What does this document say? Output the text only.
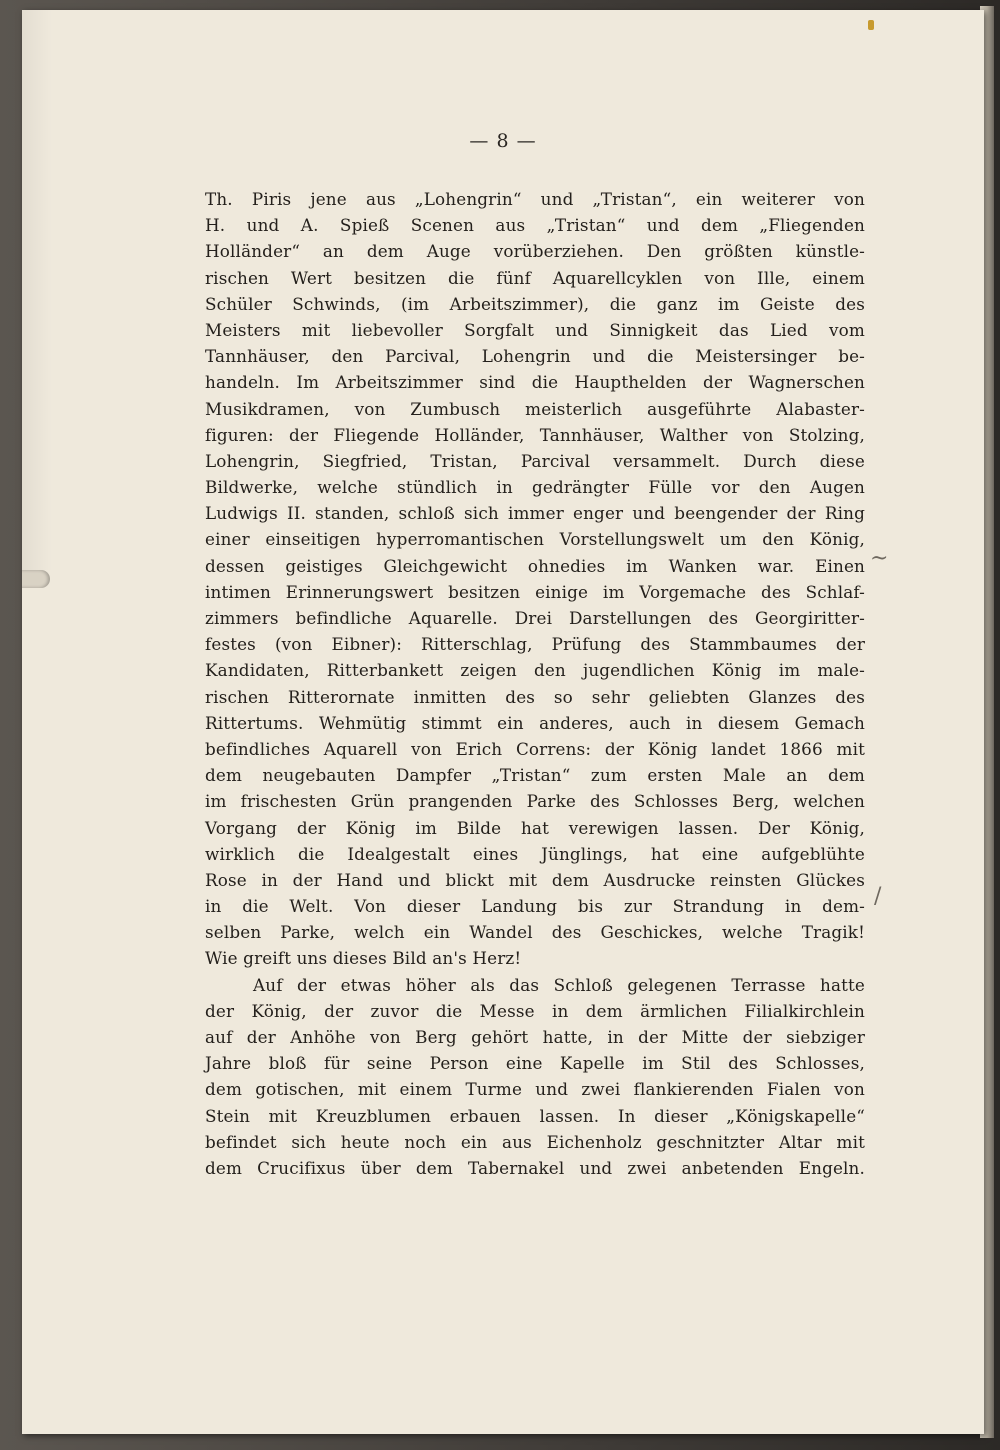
— 8 —
Th. Piris jene aus „Lohengrin“ und „Tristan“, ein weiterer von
H. und A. Spieß Scenen aus „Tristan“ und dem „Fliegenden
Holländer“ an dem Auge vorüberziehen. Den größten künstle-
rischen Wert besitzen die fünf Aquarellcyklen von Ille, einem
Schüler Schwinds, (im Arbeitszimmer), die ganz im Geiste des
Meisters mit liebevoller Sorgfalt und Sinnigkeit das Lied vom
Tannhäuser, den Parcival, Lohengrin und die Meistersinger be-
handeln. Im Arbeitszimmer sind die Haupthelden der Wagnerschen
Musikdramen, von Zumbusch meisterlich ausgeführte Alabaster-
figuren: der Fliegende Holländer, Tannhäuser, Walther von Stolzing,
Lohengrin, Siegfried, Tristan, Parcival versammelt. Durch diese
Bildwerke, welche stündlich in gedrängter Fülle vor den Augen
Ludwigs II. standen, schloß sich immer enger und beengender der Ring
einer einseitigen hyperromantischen Vorstellungswelt um den König,
dessen geistiges Gleichgewicht ohnedies im Wanken war. Einen
intimen Erinnerungswert besitzen einige im Vorgemache des Schlaf-
zimmers befindliche Aquarelle. Drei Darstellungen des Georgiritter-
festes (von Eibner): Ritterschlag, Prüfung des Stammbaumes der
Kandidaten, Ritterbankett zeigen den jugendlichen König im male-
rischen Ritterornate inmitten des so sehr geliebten Glanzes des
Rittertums. Wehmütig stimmt ein anderes, auch in diesem Gemach
befindliches Aquarell von Erich Correns: der König landet 1866 mit
dem neugebauten Dampfer „Tristan“ zum ersten Male an dem
im frischesten Grün prangenden Parke des Schlosses Berg, welchen
Vorgang der König im Bilde hat verewigen lassen. Der König,
wirklich die Idealgestalt eines Jünglings, hat eine aufgeblühte
Rose in der Hand und blickt mit dem Ausdrucke reinsten Glückes
in die Welt. Von dieser Landung bis zur Strandung in dem-
selben Parke, welch ein Wandel des Geschickes, welche Tragik!
Wie greift uns dieses Bild an's Herz!
Auf der etwas höher als das Schloß gelegenen Terrasse hatte
der König, der zuvor die Messe in dem ärmlichen Filialkirchlein
auf der Anhöhe von Berg gehört hatte, in der Mitte der siebziger
Jahre bloß für seine Person eine Kapelle im Stil des Schlosses,
dem gotischen, mit einem Turme und zwei flankierenden Fialen von
Stein mit Kreuzblumen erbauen lassen. In dieser „Königskapelle“
befindet sich heute noch ein aus Eichenholz geschnitzter Altar mit
dem Crucifixus über dem Tabernakel und zwei anbetenden Engeln.
~
/
